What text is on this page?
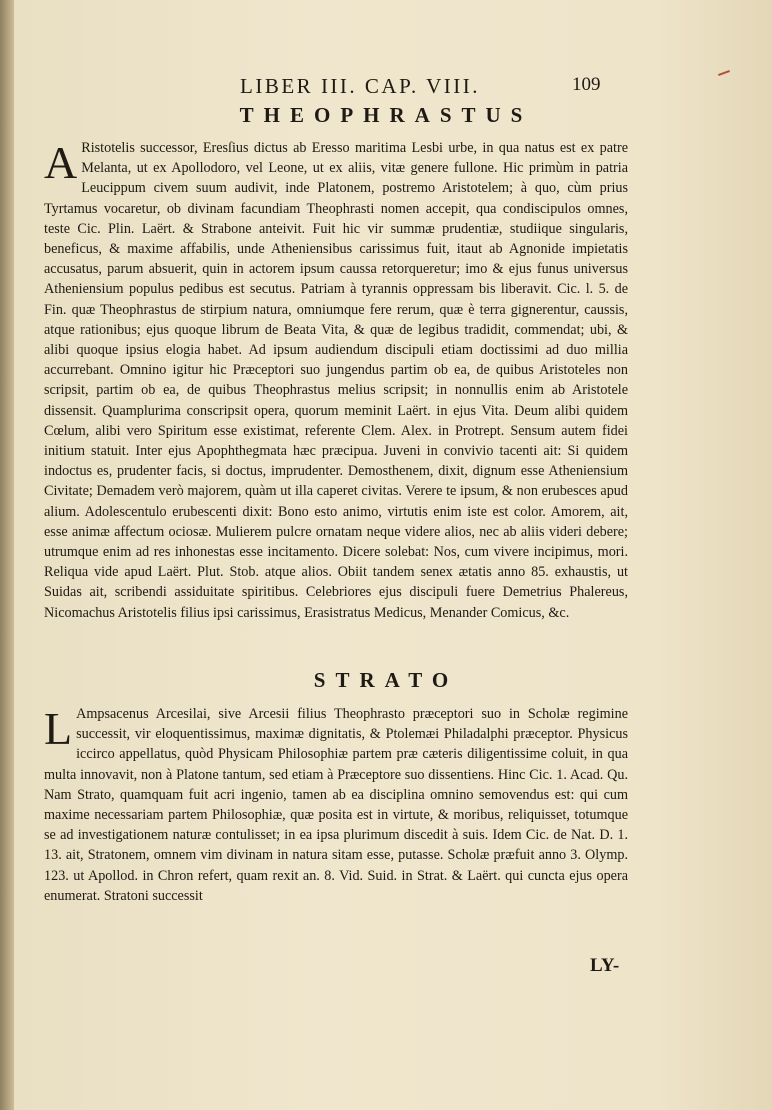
LIBER III. CAP. VIII.	109
THEOPHRASTUS
A Ristotelis successor, Eresſius dictus ab Eresso maritima Lesbi urbe, in qua natus est ex patre Melanta, ut ex Apollodoro, vel Leone, ut ex aliis, vitæ genere fullone. Hic primùm in patria Leucippum civem suum audivit, inde Platonem, postremo Aristotelem; à quo, cùm prius Tyrtamus vocaretur, ob divinam facundiam Theophrasti nomen accepit, qua condiscipulos omnes, teste Cic. Plin. Laërt. & Strabone anteivit. Fuit hic vir summæ prudentiæ, studiique singularis, beneficus, & maxime affabilis, unde Atheniensibus carissimus fuit, itaut ab Agnonide impietatis accusatus, parum absuerit, quin in actorem ipsum caussa retorqueretur; imo & ejus funus universus Atheniensium populus pedibus est secutus. Patriam à tyrannis oppressam bis liberavit. Cic. l. 5. de Fin. quæ Theophrastus de stirpium natura, omniumque fere rerum, quæ è terra gignerentur, caussis, atque rationibus; ejus quoque librum de Beata Vita, & quæ de legibus tradidit, commendat; ubi, & alibi quoque ipsius elogia habet. Ad ipsum audiendum discipuli etiam doctissimi ad duo millia accurrebant. Omnino igitur hic Præceptori suo jungendus partim ob ea, de quibus Aristoteles non scripsit, partim ob ea, de quibus Theophrastus melius scripsit; in nonnullis enim ab Aristotele dissensit. Quamplurima conscripsit opera, quorum meminit Laërt. in ejus Vita. Deum alibi quidem Cœlum, alibi vero Spiritum esse existimat, referente Clem. Alex. in Protrept. Sensum autem fidei initium statuit. Inter ejus Apophthegmata hæc præcipua. Juveni in convivio tacenti ait: Si quidem indoctus es, prudenter facis, si doctus, imprudenter. Demosthenem, dixit, dignum esse Atheniensium Civitate; Demadem verò majorem, quàm ut illa caperet civitas. Verere te ipsum, & non erubesces apud alium. Adolescentulo erubescenti dixit: Bono esto animo, virtutis enim iste est color. Amorem, ait, esse animæ affectum ociosæ. Mulierem pulcre ornatam neque videre alios, nec ab aliis videri debere; utrumque enim ad res inhonestas esse incitamento. Dicere solebat: Nos, cum vivere incipimus, mori. Reliqua vide apud Laërt. Plut. Stob. atque alios. Obiit tandem senex ætatis anno 85. exhaustis, ut Suidas ait, scribendi assiduitate spiritibus. Celebriores ejus discipuli fuere Demetrius Phalereus, Nicomachus Aristotelis filius ipsi carissimus, Erasistratus Medicus, Menander Comicus, &c.
STRATO
L Ampsacenus Arcesilai, sive Arcesii filius Theophrasto præceptori suo in Scholæ regimine successit, vir eloquentissimus, maximæ dignitatis, & Ptolemæi Philadalphi præceptor. Physicus iccirco appellatus, quòd Physicam Philosophiæ partem præ cæteris diligentissime coluit, in qua multa innovavit, non à Platone tantum, sed etiam à Præceptore suo dissentiens. Hinc Cic. 1. Acad. Qu. Nam Strato, quamquam fuit acri ingenio, tamen ab ea disciplina omnino semovendus est: qui cum maxime necessariam partem Philosophiæ, quæ posita est in virtute, & moribus, reliquisset, totumque se ad investigationem naturæ contulisset; in ea ipsa plurimum discedit à suis. Idem Cic. de Nat. D. 1. 13. ait, Stratonem, omnem vim divinam in natura sitam esse, putasse. Scholæ præfuit anno 3. Olymp. 123. ut Apollod. in Chron refert, quam rexit an. 8. Vid. Suid. in Strat. & Laërt. qui cuncta ejus opera enumerat. Stratoni successit
LY-
